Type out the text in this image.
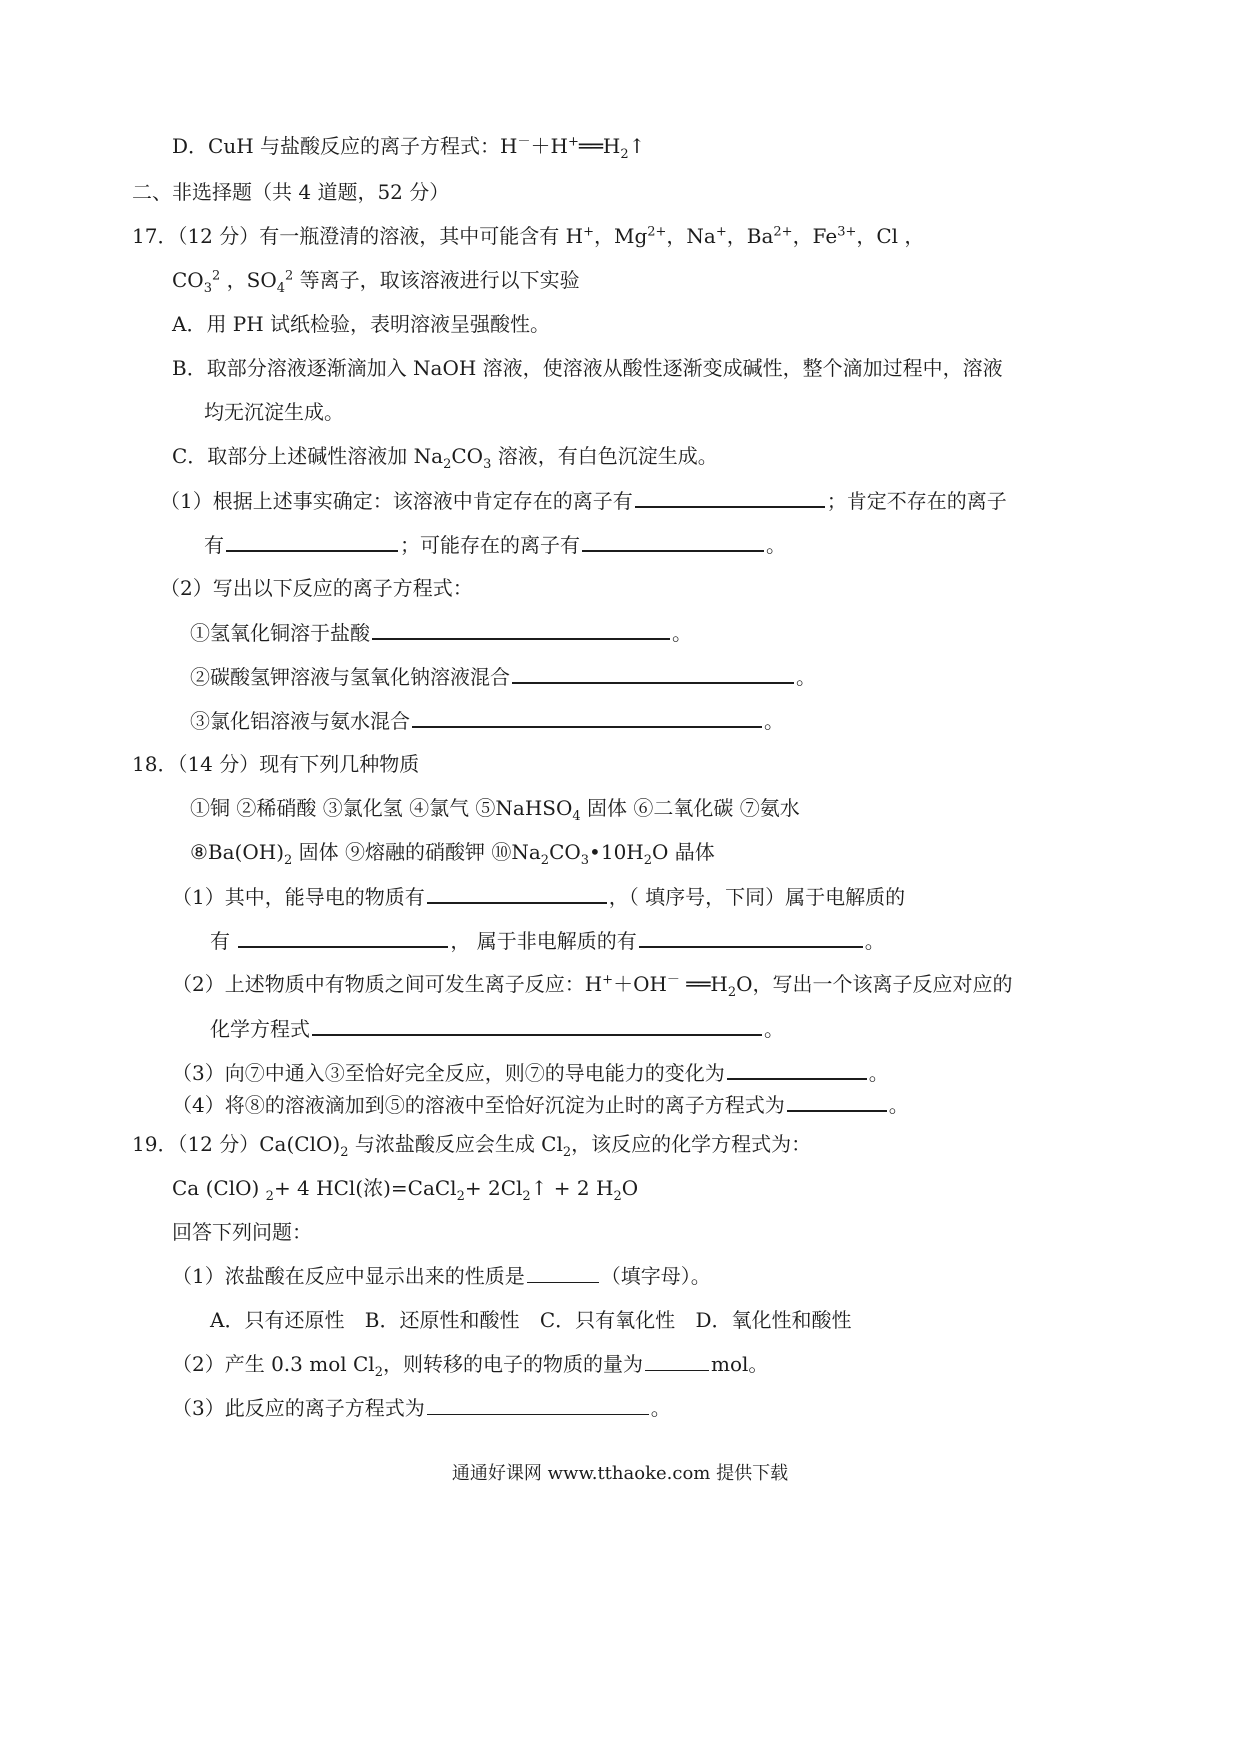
D．CuH 与盐酸反应的离子方程式：$H^-+H^+══H_2↑$
二、非选择题（共 4 道题，52 分）
17．（12 分）有一瓶澄清的溶液，其中可能含有 H+，$Mg^{2+}$，Na+，$Ba^{2+}$，$Fe^{3+}$，Cl ，
$CO_3^2$ ，$SO_4^2$ 等离子，取该溶液进行以下实验
A．用 PH 试纸检验，表明溶液呈强酸性。
B．取部分溶液逐渐滴加入 NaOH 溶液，使溶液从酸性逐渐变成碱性，整个滴加过程中，溶液
均无沉淀生成。
C．取部分上述碱性溶液加 $Na_2CO_3$ 溶液，有白色沉淀生成。
（1）根据上述事实确定：该溶液中肯定存在的离子有	；肯定不存在的离子
有	；可能存在的离子有	。
（2）写出以下反应的离子方程式：
①氢氧化铜溶于盐酸	。
②碳酸氢钾溶液与氢氧化钠溶液混合	。
③氯化铝溶液与氨水混合	。
18．（14 分）现有下列几种物质
①铜 ②稀硝酸 ③氯化氢 ④氯气 ⑤NaHSO$_4$ 固体 ⑥二氧化碳 ⑦氨水
$⑧Ba(OH)_2$ 固体 ⑨熔融的硝酸钾 $⑩Na_2CO_3•10H_2O$ 晶体
（1）其中，能导电的物质有	，（ 填序号，下同）属于电解质的
有	， 属于非电解质的有	。
（2）上述物质中有物质之间可发生离子反应：H+＋OH－ $══H_2O$，写出一个该离子反应对应的
化学方程式	。
（3）向⑦中通入③至恰好完全反应，则⑦的导电能力的变化为	。
（4）将⑧的溶液滴加到⑤的溶液中至恰好沉淀为止时的离子方程式为	。
19．（12 分）$Ca(ClO)_2$ 与浓盐酸反应会生成 $Cl_2$，该反应的化学方程式为：
Ca (ClO) $_2$+ 4 HCl(浓)=CaCl$_2$+ $2Cl_2↑ + 2$ $H_2O$
回答下列问题：
（1）浓盐酸在反应中显示出来的性质是	（填字母）。
A．只有还原性 B．还原性和酸性 C．只有氧化性 D．氧化性和酸性
（2）产生 0.3 mol $Cl_2$，则转移的电子的物质的量为	mol。
（3）此反应的离子方程式为	。
通通好课网 www.tthaoke.com 提供下载
